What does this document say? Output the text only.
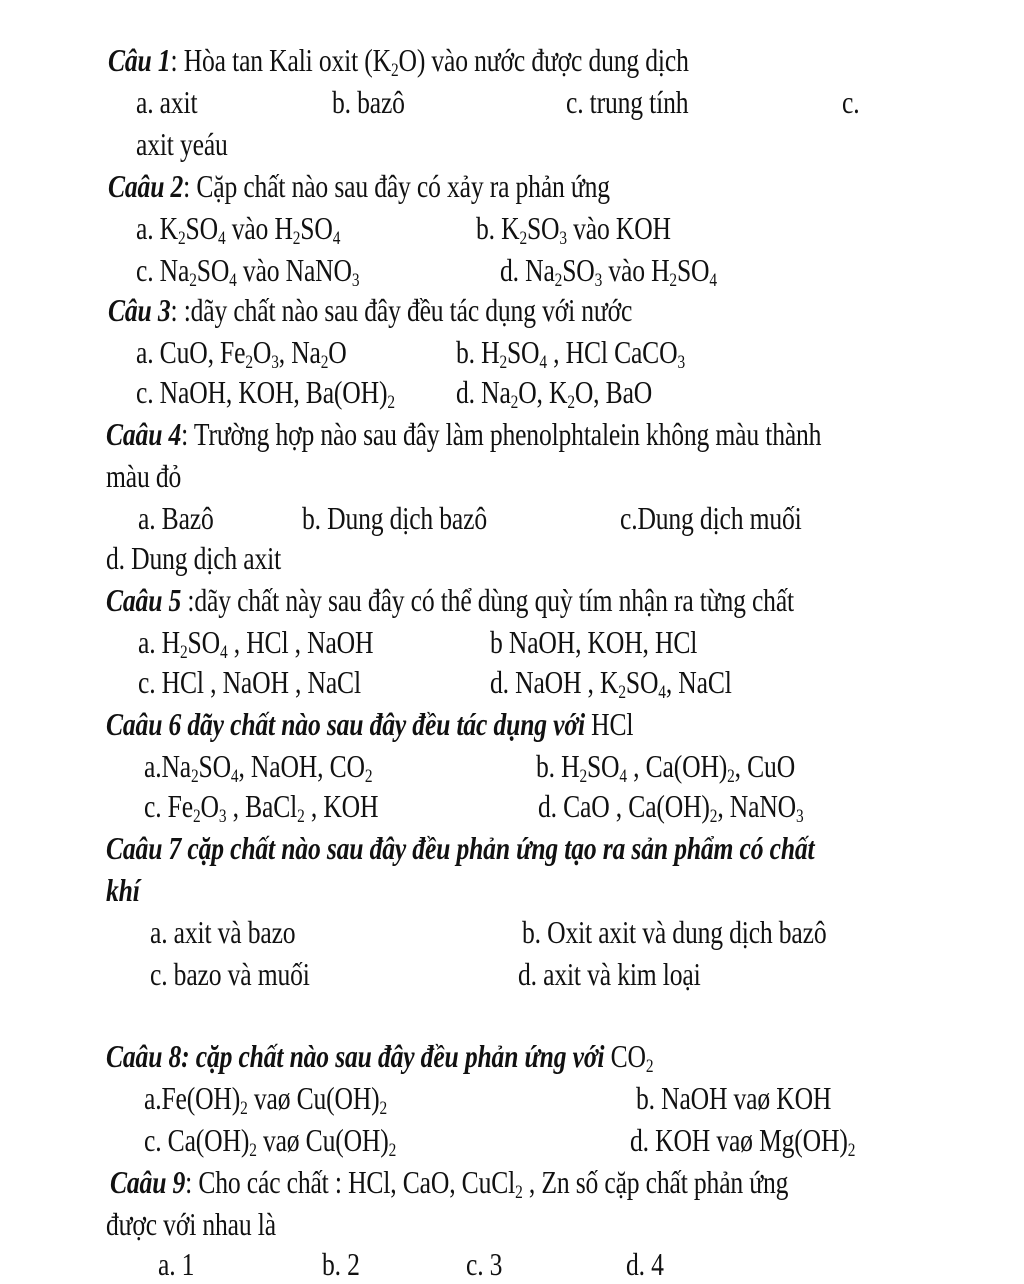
Câu 1: Hòa tan Kali oxit $(K_2O)$ vào nước được dung dịch
a. axit	b. bazô	c. trung tính	c.
axit yeáu
Caâu 2: Cặp chất nào sau đây có xảy ra phản ứng
a. $K_2SO_4$ vào $H_2SO_4$	b. $K_2SO_3$ vào KOH
c. $Na_2SO_4$ vào NaNO$_3$	d. $Na_2SO_3$ vào $H_2SO_4$
Câu 3: :dãy chất nào sau đây đều tác dụng với nước
a. CuO, $Fe_2O_3$, $Na_2O$	b. $H_2SO_4$ , HCl CaCO$_3$
c. NaOH, KOH, $Ba(OH)_2$ d. $Na_2O$, $K_2O$, BaO
Caâu 4: Trường hợp nào sau đây làm phenolphtalein không màu thành
màu đỏ
a. Bazô	b. Dung dịch bazô	c.Dung dịch muối
d. Dung dịch axit
Caâu 5 :dãy chất này sau đây có thể dùng quỳ tím nhận ra từng chất
a. $H_2SO_4$ , HCl , NaOH	b NaOH, KOH, HCl
c. HCl , NaOH , NaCl	d. NaOH , $K_2SO_4$, NaCl
Caâu 6 dãy chất nào sau đây đều tác dụng với HCl
$a.Na_2SO_4$, NaOH, $CO_2$	b. $H_2SO_4$ , $Ca(OH)_2$, CuO
c. $Fe_2O_3$ , BaCl$_2$ , KOH	d. CaO , $Ca(OH)_2$, NaNO$_3$
Caâu 7 cặp chất nào sau đây đều phản ứng tạo ra sản phẩm có chất
khí
a. axit và bazo	b. Oxit axit và dung dịch bazô
c. bazo và muối	d. axit và kim loại
Caâu 8: cặp chất nào sau đây đều phản ứng với $CO_2$
$a.Fe(OH)_2$ vaø $Cu(OH)_2$	b. NaOH vaø KOH
c. $Ca(OH)_2$ vaø $Cu(OH)_2$	d. KOH vaø $Mg(OH)_2$
Caâu 9: Cho các chất : HCl, CaO, CuCl$_2$ , Zn số cặp chất phản ứng
được với nhau là
a. 1	b. 2	c. 3	d. 4
